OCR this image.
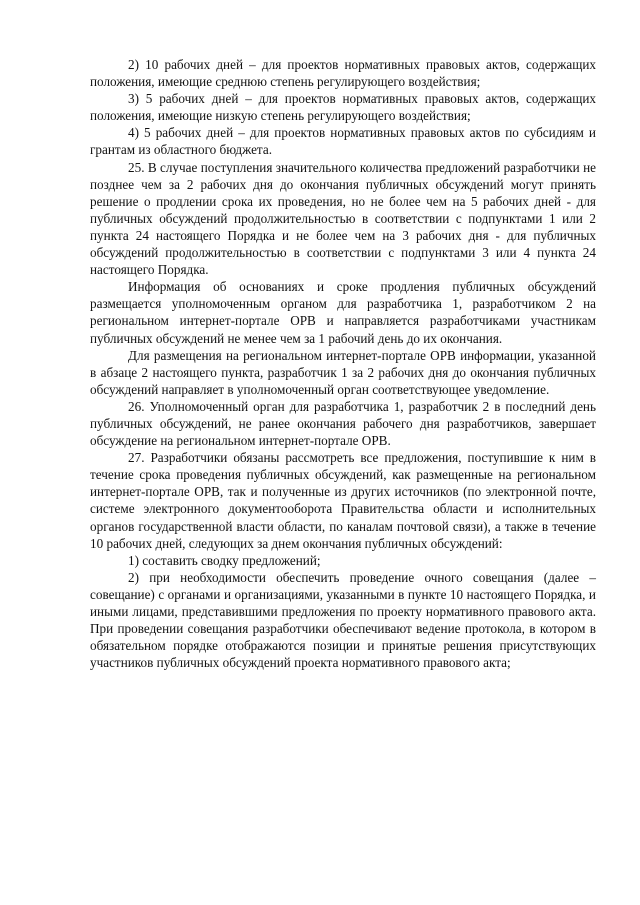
2) 10 рабочих дней – для проектов нормативных правовых актов, содержащих положения, имеющие среднюю степень регулирующего воздействия;

3) 5 рабочих дней – для проектов нормативных правовых актов, содержащих положения, имеющие низкую степень регулирующего воздействия;

4) 5 рабочих дней – для проектов нормативных правовых актов по субсидиям и грантам из областного бюджета.

25. В случае поступления значительного количества предложений разработчики не позднее чем за 2 рабочих дня до окончания публичных обсуждений могут принять решение о продлении срока их проведения, но не более чем на 5 рабочих дней - для публичных обсуждений продолжительностью в соответствии с подпунктами 1 или 2 пункта 24 настоящего Порядка и не более чем на 3 рабочих дня - для публичных обсуждений продолжительностью в соответствии с подпунктами 3 или 4 пункта 24 настоящего Порядка.

Информация об основаниях и сроке продления публичных обсуждений размещается уполномоченным органом для разработчика 1, разработчиком 2 на региональном интернет-портале ОРВ и направляется разработчиками участникам публичных обсуждений не менее чем за 1 рабочий день до их окончания.

Для размещения на региональном интернет-портале ОРВ информации, указанной в абзаце 2 настоящего пункта, разработчик 1 за 2 рабочих дня до окончания публичных обсуждений направляет в уполномоченный орган соответствующее уведомление.

26. Уполномоченный орган для разработчика 1, разработчик 2 в последний день публичных обсуждений, не ранее окончания рабочего дня разработчиков, завершает обсуждение на региональном интернет-портале ОРВ.

27. Разработчики обязаны рассмотреть все предложения, поступившие к ним в течение срока проведения публичных обсуждений, как размещенные на региональном интернет-портале ОРВ, так и полученные из других источников (по электронной почте, системе электронного документооборота Правительства области и исполнительных органов государственной власти области, по каналам почтовой связи), а также в течение 10 рабочих дней, следующих за днем окончания публичных обсуждений:

1) составить сводку предложений;

2) при необходимости обеспечить проведение очного совещания (далее – совещание) с органами и организациями, указанными в пункте 10 настоящего Порядка, и иными лицами, представившими предложения по проекту нормативного правового акта. При проведении совещания разработчики обеспечивают ведение протокола, в котором в обязательном порядке отображаются позиции и принятые решения присутствующих участников публичных обсуждений проекта нормативного правового акта;
